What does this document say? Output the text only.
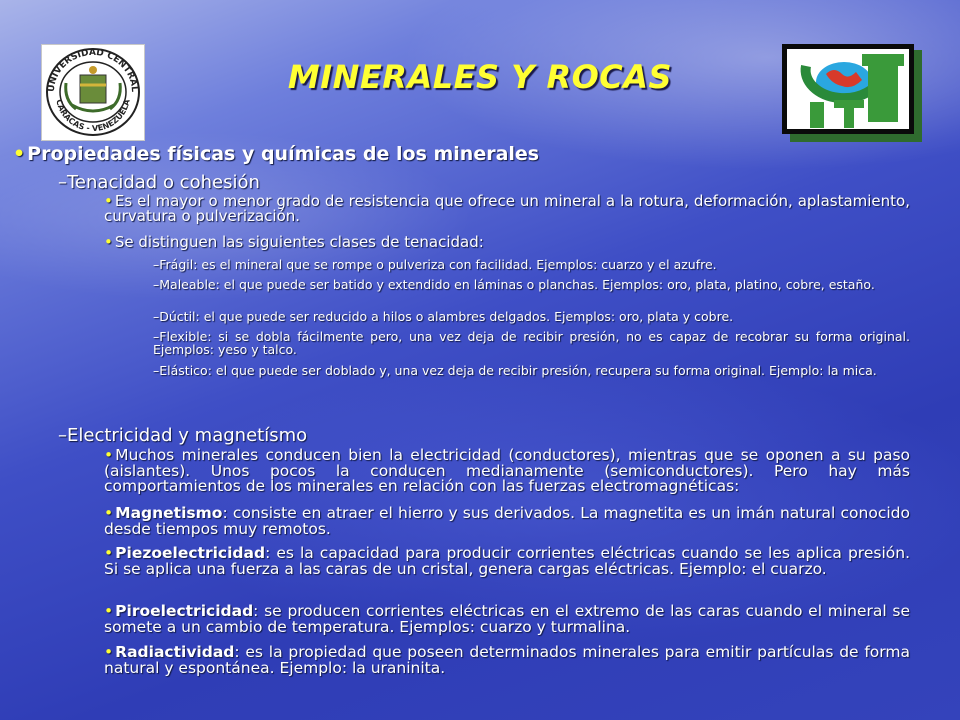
UNIVERSIDAD CENTRAL
CARACAS - VENEZUELA
MINERALES Y ROCAS
• Propiedades físicas y químicas de los minerales
–Tenacidad o cohesión
• Es el mayor o menor grado de resistencia que ofrece un mineral a la rotura, deformación, aplastamiento, curvatura o pulverización.
• Se distinguen las siguientes clases de tenacidad:
–Frágil: es el mineral que se rompe o pulveriza con facilidad. Ejemplos: cuarzo y el azufre.
–Maleable: el que puede ser batido y extendido en láminas o planchas. Ejemplos: oro, plata, platino, cobre, estaño.
–Dúctil: el que puede ser reducido a hilos o alambres delgados. Ejemplos: oro, plata y cobre.
–Flexible: si se dobla fácilmente pero, una vez deja de recibir presión, no es capaz de recobrar su forma original. Ejemplos: yeso y talco.
–Elástico: el que puede ser doblado y, una vez deja de recibir presión, recupera su forma original. Ejemplo: la mica.
–Electricidad y magnetísmo
• Muchos minerales conducen bien la electricidad (conductores), mientras que se oponen a su paso (aislantes). Unos pocos la conducen medianamente (semiconductores). Pero hay más comportamientos de los minerales en relación con las fuerzas electromagnéticas:
• Magnetismo: consiste en atraer el hierro y sus derivados. La magnetita es un imán natural conocido desde tiempos muy remotos.
• Piezoelectricidad: es la capacidad para producir corrientes eléctricas cuando se les aplica presión. Si se aplica una fuerza a las caras de un cristal, genera cargas eléctricas. Ejemplo: el cuarzo.
• Piroelectricidad: se producen corrientes eléctricas en el extremo de las caras cuando el mineral se somete a un cambio de temperatura. Ejemplos: cuarzo y turmalina.
• Radiactividad: es la propiedad que poseen determinados minerales para emitir partículas de forma natural y espontánea. Ejemplo: la uraninita.
